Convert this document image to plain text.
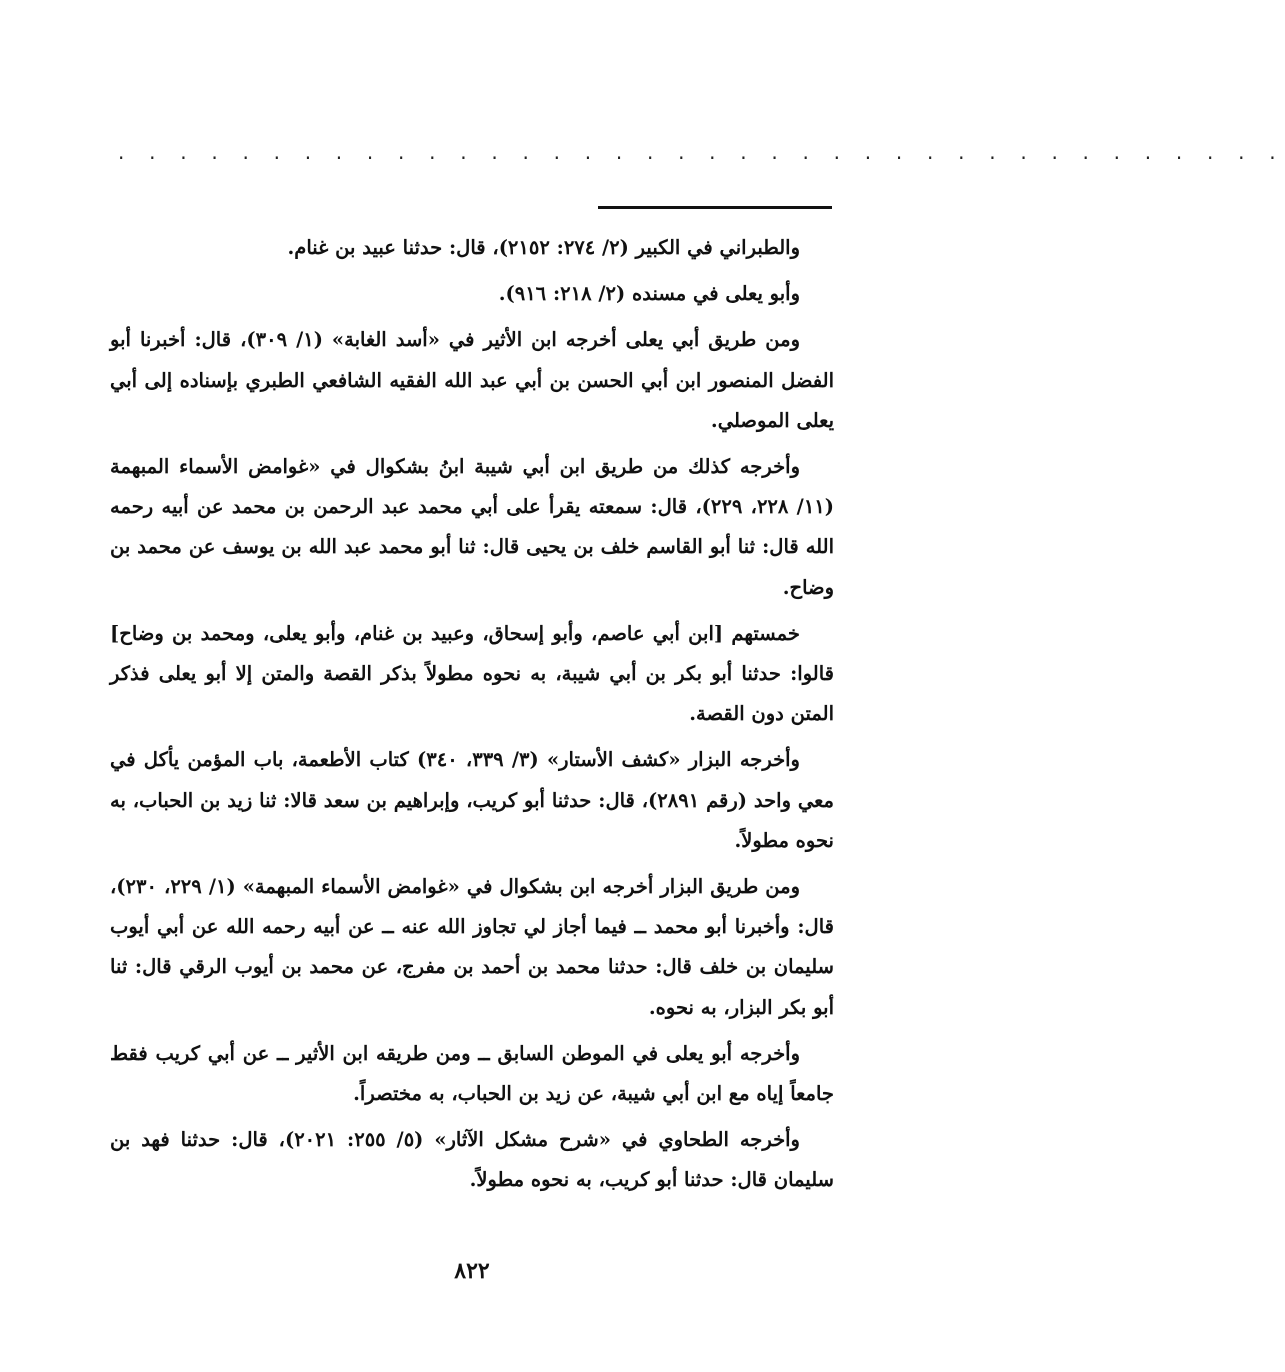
. . . . . . . . . . . . . . . . . . . . . . . . . . . . . . . . . . . . . .

والطبراني في الكبير (٢/ ٢٧٤: ٢١٥٢)، قال: حدثنا عبيد بن غنام.

وأبو يعلى في مسنده (٢/ ٢١٨: ٩١٦).

ومن طريق أبي يعلى أخرجه ابن الأثير في «أسد الغابة» (١/ ٣٠٩)، قال: أخبرنا أبو الفضل المنصور ابن أبي الحسن بن أبي عبد الله الفقيه الشافعي الطبري بإسناده إلى أبي يعلى الموصلي.

وأخرجه كذلك من طريق ابن أبي شيبة ابنُ بشكوال في «غوامض الأسماء المبهمة (١١/ ٢٢٨، ٢٢٩)، قال: سمعته يقرأ على أبي محمد عبد الرحمن بن محمد عن أبيه رحمه الله قال: ثنا أبو القاسم خلف بن يحيى قال: ثنا أبو محمد عبد الله بن يوسف عن محمد بن وضاح.

خمستهم [ابن أبي عاصم، وأبو إسحاق، وعبيد بن غنام، وأبو يعلى، ومحمد بن وضاح] قالوا: حدثنا أبو بكر بن أبي شيبة، به نحوه مطولاً بذكر القصة والمتن إلا أبو يعلى فذكر المتن دون القصة.

وأخرجه البزار «كشف الأستار» (٣/ ٣٣٩، ٣٤٠) كتاب الأطعمة، باب المؤمن يأكل في معي واحد (رقم ٢٨٩١)، قال: حدثنا أبو كريب، وإبراهيم بن سعد قالا: ثنا زيد بن الحباب، به نحوه مطولاً.

ومن طريق البزار أخرجه ابن بشكوال في «غوامض الأسماء المبهمة» (١/ ٢٢٩، ٢٣٠)، قال: وأخبرنا أبو محمد ــ فيما أجاز لي تجاوز الله عنه ــ عن أبيه رحمه الله عن أبي أيوب سليمان بن خلف قال: حدثنا محمد بن أحمد بن مفرج، عن محمد بن أيوب الرقي قال: ثنا أبو بكر البزار، به نحوه.

وأخرجه أبو يعلى في الموطن السابق ــ ومن طريقه ابن الأثير ــ عن أبي كريب فقط جامعاً إياه مع ابن أبي شيبة، عن زيد بن الحباب، به مختصراً.

وأخرجه الطحاوي في «شرح مشكل الآثار» (٥/ ٢٥٥: ٢٠٢١)، قال: حدثنا فهد بن سليمان قال: حدثنا أبو كريب، به نحوه مطولاً.

٨٢٢
